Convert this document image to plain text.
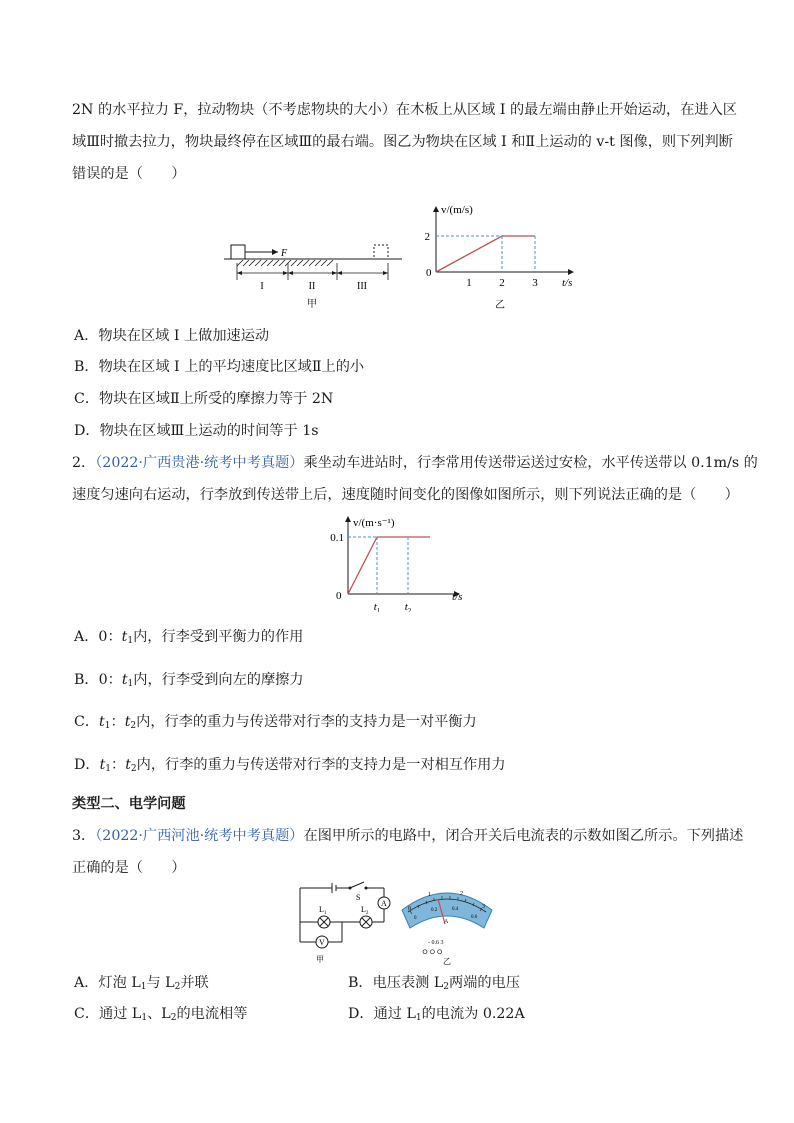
2N 的水平拉力 F，拉动物块（不考虑物块的大小）在木板上从区域 I 的最左端由静止开始运动，在进入区
域Ⅲ时撤去拉力，物块最终停在区域Ⅲ的最右端。图乙为物块在区域 I 和Ⅱ上运动的 v-t 图像，则下列判断
错误的是（　　）
F
I	II	III
甲
v/(m/s)
t/s
0
2
1	2	3
乙
A．物块在区域 I 上做加速运动
B．物块在区域 I 上的平均速度比区域Ⅱ上的小
C．物块在区域Ⅱ上所受的摩擦力等于 2N
D．物块在区域Ⅲ上运动的时间等于 1s
2．（2022·广西贵港·统考中考真题）乘坐动车进站时，行李常用传送带运送过安检，水平传送带以 0.1m/s 的
速度匀速向右运动，行李放到传送带上后，速度随时间变化的图像如图所示，则下列说法正确的是（　　）
v/(m·s⁻¹)
t/s
0
0.1
$t_1$ $t_2$
A．0：$t_1$内，行李受到平衡力的作用
B．0：$t_1$内，行李受到向左的摩擦力
C．$t_1$：$t_2$内，行李的重力与传送带对行李的支持力是一对平衡力
D．$t_1$：$t_2$内，行李的重力与传送带对行李的支持力是一对相互作用力
类型二、电学问题
3．（2022·广西河池·统考中考真题）在图甲所示的电路中，闭合开关后电流表的示数如图乙所示。下列描述
正确的是（　　）
S
A
V
$L_1$	$L_2$
甲
0
1	2
3
0
0.2	0.4
0.6
A
- 0.6 3
ഠ ഠ ഠ
乙
A．灯泡 $L_1$与 $L_2$并联	B．电压表测 $L_2$两端的电压
C．通过 $L_1$、$L_2$的电流相等	D．通过 $L_1$的电流为 0.22A
